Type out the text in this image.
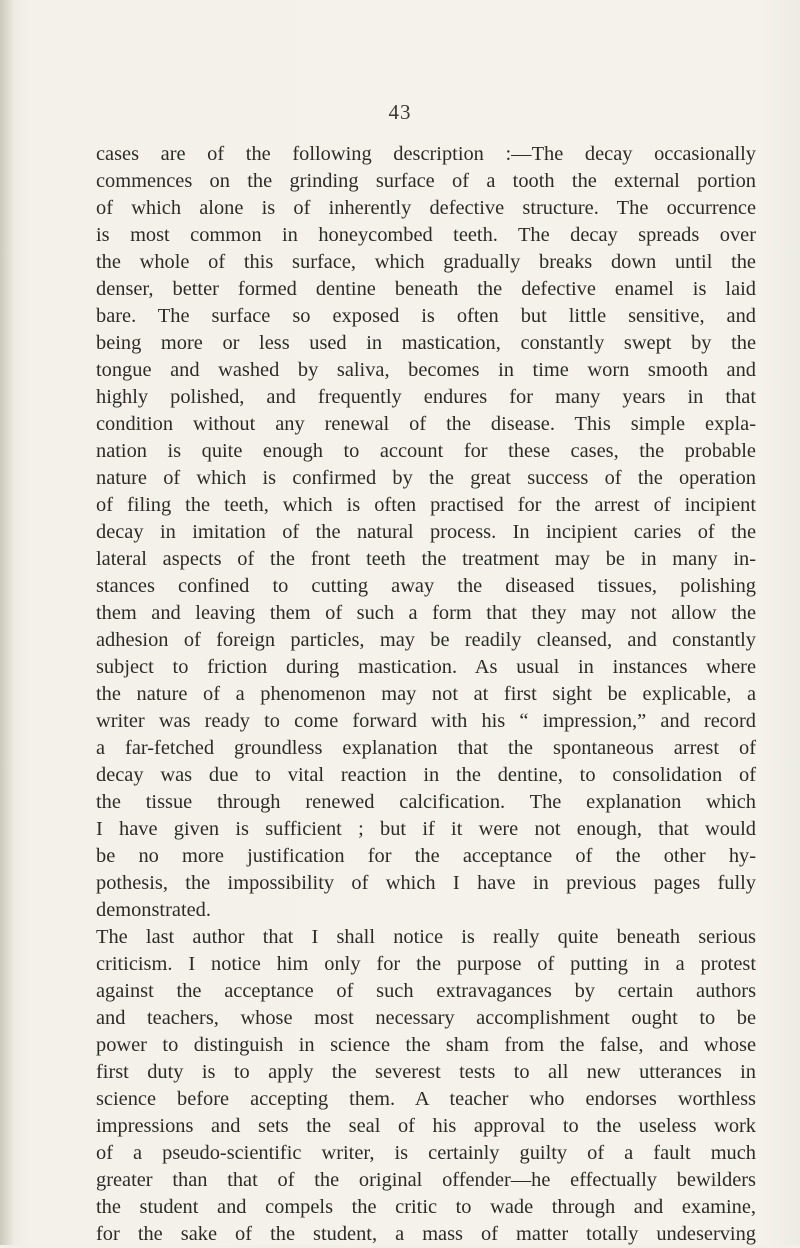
43
cases are of the following description :—The decay occasionally
commences on the grinding surface of a tooth the external portion
of which alone is of inherently defective structure. The occurrence
is most common in honeycombed teeth. The decay spreads over
the whole of this surface, which gradually breaks down until the
denser, better formed dentine beneath the defective enamel is laid
bare. The surface so exposed is often but little sensitive, and
being more or less used in mastication, constantly swept by the
tongue and washed by saliva, becomes in time worn smooth and
highly polished, and frequently endures for many years in that
condition without any renewal of the disease. This simple expla-
nation is quite enough to account for these cases, the probable
nature of which is confirmed by the great success of the operation
of filing the teeth, which is often practised for the arrest of incipient
decay in imitation of the natural process. In incipient caries of the
lateral aspects of the front teeth the treatment may be in many in-
stances confined to cutting away the diseased tissues, polishing
them and leaving them of such a form that they may not allow the
adhesion of foreign particles, may be readily cleansed, and constantly
subject to friction during mastication. As usual in instances where
the nature of a phenomenon may not at first sight be explicable, a
writer was ready to come forward with his “ impression,” and record
a far-fetched groundless explanation that the spontaneous arrest of
decay was due to vital reaction in the dentine, to consolidation of
the tissue through renewed calcification. The explanation which
I have given is sufficient ; but if it were not enough, that would
be no more justification for the acceptance of the other hy-
pothesis, the impossibility of which I have in previous pages fully
demonstrated.
The last author that I shall notice is really quite beneath serious
criticism. I notice him only for the purpose of putting in a protest
against the acceptance of such extravagances by certain authors
and teachers, whose most necessary accomplishment ought to be
power to distinguish in science the sham from the false, and whose
first duty is to apply the severest tests to all new utterances in
science before accepting them. A teacher who endorses worthless
impressions and sets the seal of his approval to the useless work
of a pseudo-scientific writer, is certainly guilty of a fault much
greater than that of the original offender—he effectually bewilders
the student and compels the critic to wade through and examine,
for the sake of the student, a mass of matter totally undeserving
